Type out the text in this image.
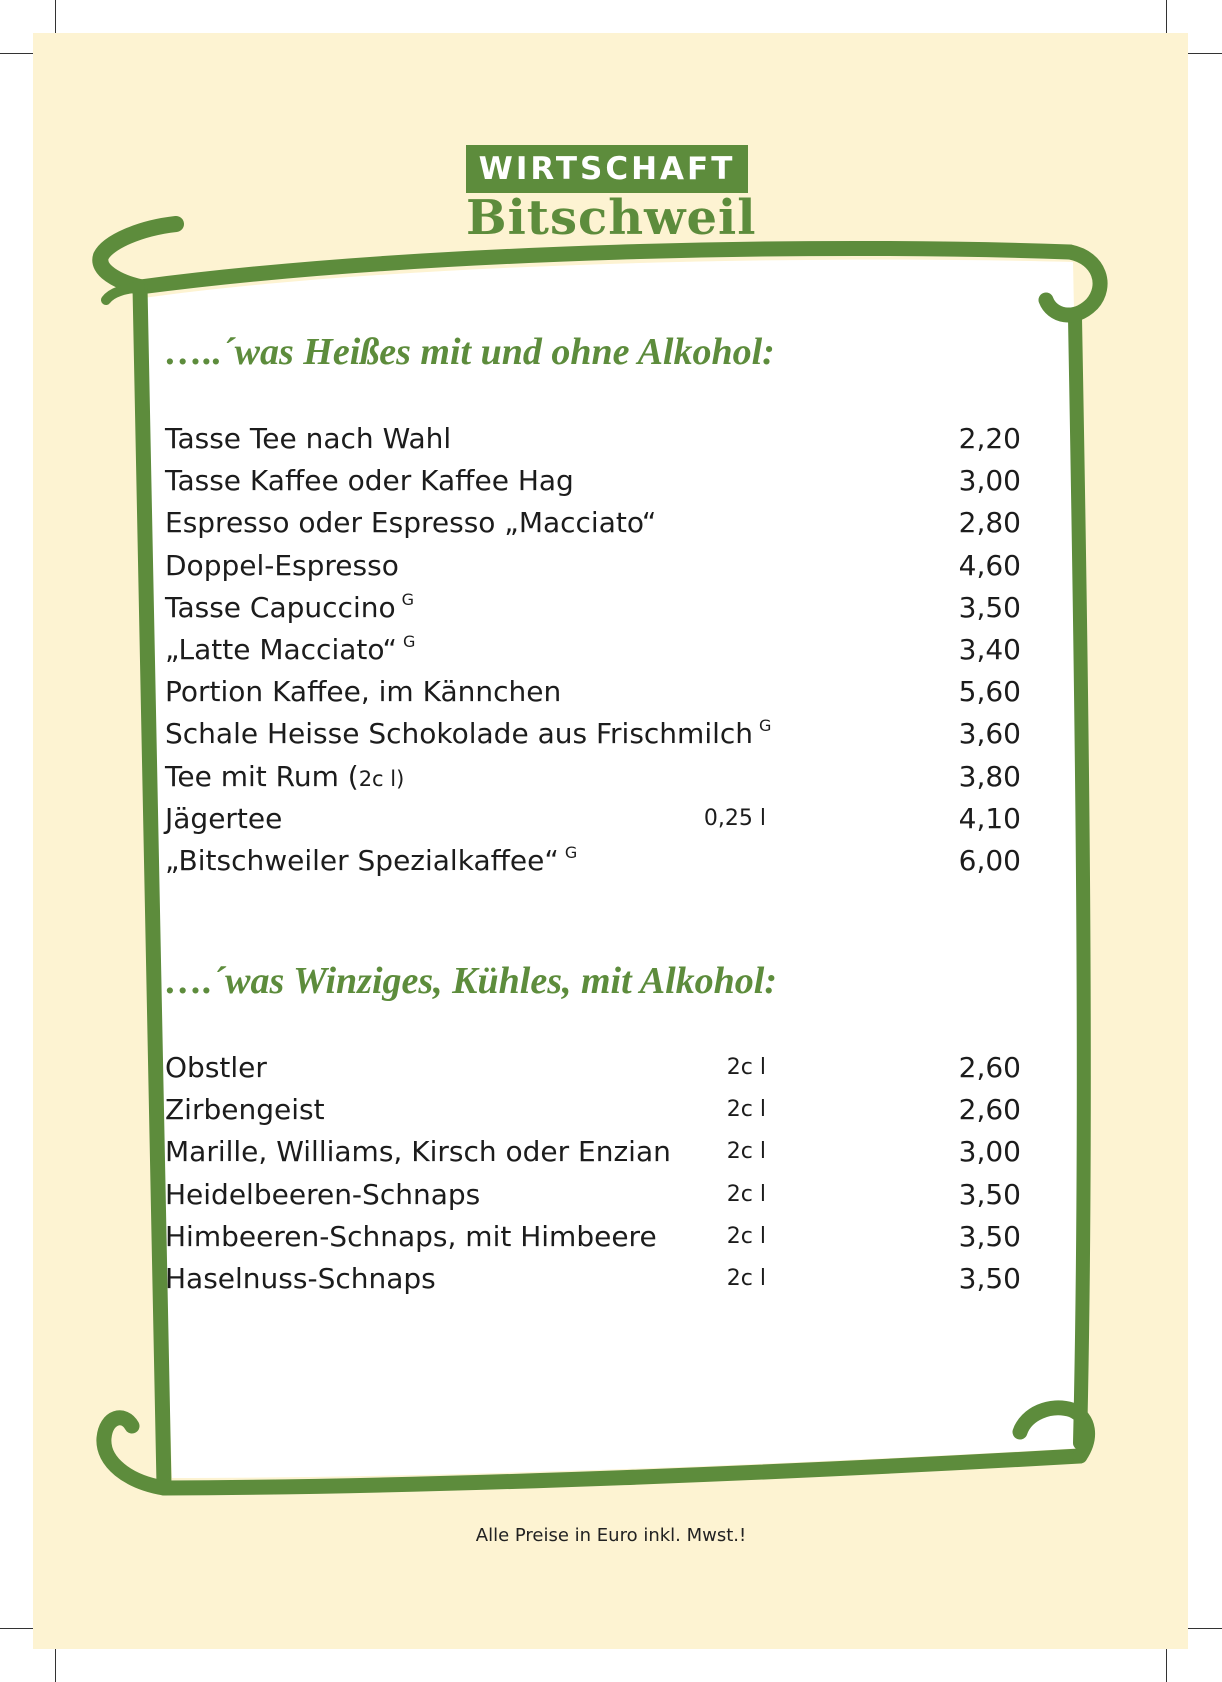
WIRTSCHAFT
Bitschweil
…..´was Heißes mit und ohne Alkohol:
Tasse Tee nach Wahl	2,20
Tasse Kaffee oder Kaffee Hag	3,00
Espresso oder Espresso „Macciato“	2,80
Doppel-Espresso	4,60
Tasse Capuccino $^G$	3,50
„Latte Macciato“ $^G$	3,40
Portion Kaffee, im Kännchen	5,60
Schale Heisse Schokolade aus Frischmilch $^G$	3,60
Tee mit Rum (2c l)	3,80
Jägertee	0,25 l	4,10
„Bitschweiler Spezialkaffee“ $^G$	6,00
….´was Winziges, Kühles, mit Alkohol:
Obstler	2c l	2,60
Zirbengeist	2c l	2,60
Marille, Williams, Kirsch oder Enzian	2c l	3,00
Heidelbeeren-Schnaps	2c l	3,50
Himbeeren-Schnaps, mit Himbeere	2c l	3,50
Haselnuss-Schnaps	2c l	3,50
Alle Preise in Euro inkl. Mwst.!
